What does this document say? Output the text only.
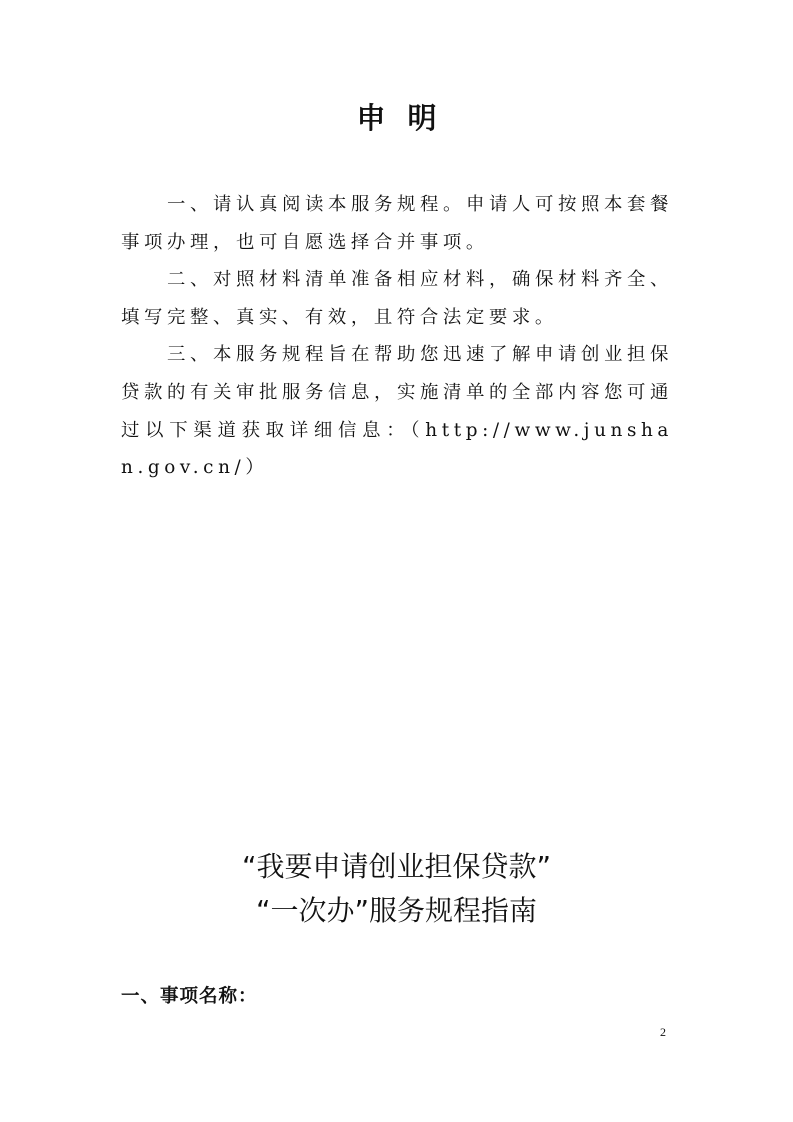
申明

一、请认真阅读本服务规程。申请人可按照本套餐事项办理，也可自愿选择合并事项。

二、对照材料清单准备相应材料，确保材料齐全、填写完整、真实、有效，且符合法定要求。

三、本服务规程旨在帮助您迅速了解申请创业担保贷款的有关审批服务信息，实施清单的全部内容您可通过以下渠道获取详细信息：（http://www.junshan.gov.cn/）

“我要申请创业担保贷款”
“一次办”服务规程指南
一、事项名称：
2
